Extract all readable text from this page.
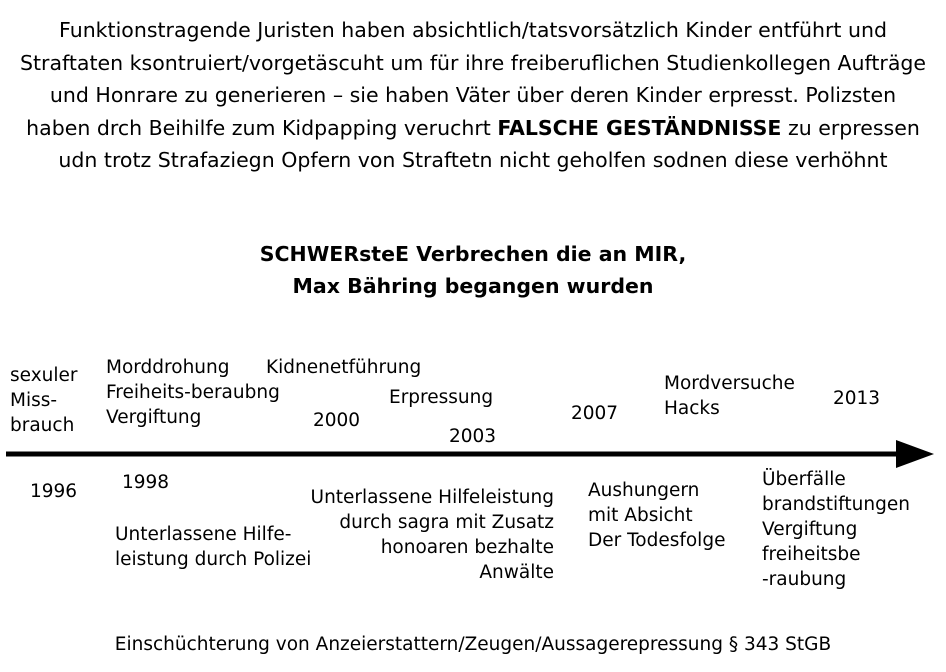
Funktionstragende Juristen haben absichtlich/tatsvorsätzlich Kinder entführt und Straftaten ksontruiert/vorgetäscuht um für ihre freiberuflichen Studienkollegen Aufträge und Honrare zu generieren – sie haben Väter über deren Kinder erpresst. Polizsten haben drch Beihilfe zum Kidpapping veruchrt FALSCHE GESTÄNDNISSE zu erpressen udn trotz Strafaziegn Opfern von Straftetn nicht geholfen sodnen diese verhöhnt

SCHWERsteE Verbrechen die an MIR,
Max Bähring begangen wurden
sexuler
Miss-
brauch
Morddrohung
Freiheits-beraubng
Vergiftung
Kidnenetführung
2000
Erpressung
2003
2007
Mordversuche
Hacks	2013
1996 1998
Unterlassene Hilfe-
leistung durch Polizei
Unterlassene Hilfeleistung
durch sagra mit Zusatz
honoaren bezhalte
Anwälte
Aushungern
mit Absicht
Der Todesfolge
Überfälle
brandstiftungen
Vergiftung
freiheitsbe
-raubung
Einschüchterung von Anzeierstattern/Zeugen/Aussagerepressung § 343 StGB
